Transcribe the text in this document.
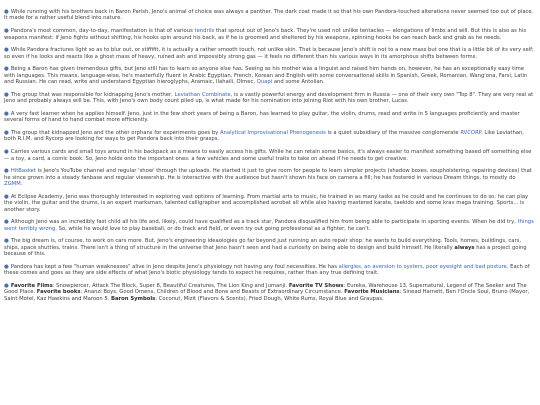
● While running with his brothers back in Baron Parish, Jeno's animal of choice was always a panther. The dark coat made it so that his own Pandora-touched alterations never seemed too out of place. It made for a rather useful blend into nature.
● Pandora's most common, day-to-day, manifestation is that of various tendrils that sprout out of Jeno's back. They're used not unlike tentacles — elongations of limbs and will. But this is also as his weapons manifest: if Jeno fights without shifting, his hooks spin around his back, as if he is groomed and sheltered by his weapons, spinning hooks he can reach back and grab as he needs.
● While Pandora fractures light so as to blur out, or stiffifit, it is actually a rather smooth touch, not unlike skin. That is because Jeno's shift is not to a new mass but one that is a little bit of its very self; so even if he looks and reacts like a ghost mass of heavy, ruined ash and impossibly strong gas — it feels no different than his various ways in its amorphous shifts between forms.
● Being a Baron has given tremendous gifts, but Jeno still has to learn so anyone else has. Seeing as his mother was a linguist and raised him hands on, however, he has an exceptionally easy time with languages. This means, language-wise, he's masterfully fluent in Arabic Egyptian, French, Korean and English with some conversational skills in Spanish, Greek, Romanian, Wang'ona, Farsi, Latin and Russian. He can read, write and understand Egyptian hieroglyphs, Aramaic, Ilahaili, Olmec, Quapi and some Antolian.
● The group that was responsible for kidnapping Jeno's mother, Leviathan Combinate, is a vastly powerful energy and development firm in Russia — one of their very own "Top 8". They are very real at Jeno and probably always will be. This, with Jeno's own body count piled up, is what made for his nomination into joining Riot with his own brother, Lucas.
● A very fast learner when he applies himself. Jeno, just in the few short years of being a Baron, has learned to play guitar, the violin, drums, read and write in 5 languages proficiently and master several forms of hand to hand combat more efficiently.
● The group that kidnapped Jeno and the other orphans for experiments goes by Analytical Improvisational Phenogenesis is a quiet subsidiary of the massive conglomerate RVCORP. Like Leviathan, both R.I.M. and Rycorp are looking for ways to get Pandora back into their grasps.
● Carries various cards and small toys around in his backpack as a means to easily access his gifts. While he can retain some basics, it's always easier to manifest something based off something else — a toy, a card, a comic book. So, Jeno holds onto the important ones: a few vehicles and some useful traits to take on ahead if he needs to get creative.
● HitBasket is Jeno's YouTube channel and regular 'show' through the uploads. He started it just to give room for people to learn simpler projects (shadow boxes, soupholstering, repairing devices) that he since grown into a steady fanbase and regular viewership. He is interactive with the audience but hasn't shown his face on camera a fill; he has fostered in various Dream things, to mostly do ZGMM.
● At Eclipse Academy, Jeno was thoroughly interested in exploring vast options of learning. From martial arts to music, he trained in as many tasks as he could and he continues to do so: he can play the violin, the guitar and the drums, is an expert marksman, talented calligrapher and accomplished acrobat all while also having mastered karate, taekido and some krav maga training. Sports... is another story.
● Although Jeno was an incredibly fast child all his life and, likely, could have qualified as a track star, Pandora disqualified him from being able to participate in sporting events. When he did try, things went terribly wrong. So, while he would love to play baseball, or do track and field, or even try out going professional as a fighter, he can't.
● The big dream is, of course, to work on cars more. But, Jeno's engineering ideaologies go far beyond just running an auto repair shop: he wants to build everything. Tools, homes, buildings, cars, ships, space shuttles, trains. There isn't a thing of structure in the universe that Jeno hasn't seen and had a curiosity on being able to design and build himself. He literally always has a project going because of this.
● Pandora has kept a few "human weaknesses" alive in Jeno despite Jeno's physiology not having any foul necessities. He has allergies, an aversion to oysters, poor eyesight and bad posture. Each of these comes and goes as they are side effects of what Jeno's biotic physiology tends to expect he requires, rather than any true defining trait.
● Favorite Films: Snowpiercer, Attack The Block, Super 8, Beautiful Creatures, The Lion King and Jumanji. Favorite TV Shows: Eureka, Warehouse 13, Supernatural, Legend of The Seeker and The Good Place. Favorite books: Ananzi Boys, Good Omens, Children of Blood and Bone and Beasts of Extraordinary Circumstance. Favorite Musicians: Sinead Harnett, Ben l'Oncle Soul, Bruno (Mayor, Saint Motel, Kaz Hawkins and Maroon 5. Baron Symbols: Coconut, Mizit (Flavors & Scents), Fried Dough, White Rums, Royal Blue and Graupas.
